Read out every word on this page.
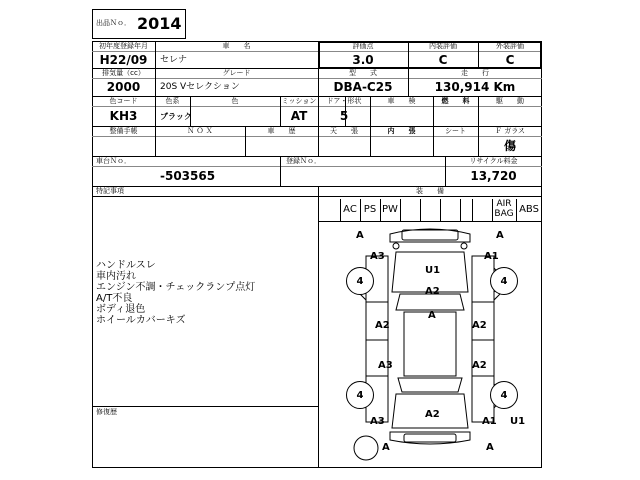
出品Ｎｏ． 2014
初年度登録年月
H22/09
車　　名
セレナ
評価点
3.0
内装評価
C
外装評価
C
排気量（cc）
2000
グレード
20S Vセレクション
型　　式
DBA-C25
走　　行
130,914 Km
色コード
KH3
色系
ブラック
色	ミッション
AT
ドア・形状
5
車　　検	燃　　料	駆　　動
整備手帳	Ｎ Ｏ Ｘ	車　　歴	天　　張	内　　張	シート	Ｆ ガラス
傷
車台Ｎｏ．
-503565
登録Ｎｏ．	リサイクル料金
13,720
特記事項
ハンドルスレ
車内汚れ
エンジン不調・チェックランプ点灯
A/T不良
ボディ退色
ホイールカバーキズ
修復歴
装　　備
AC PS PW	AIR BAG ABS
A	A
A3	A1
U1
A2
4	4
A
A2	A2
A3	A2
4	4
A2
A3	A1 U1
A	A
